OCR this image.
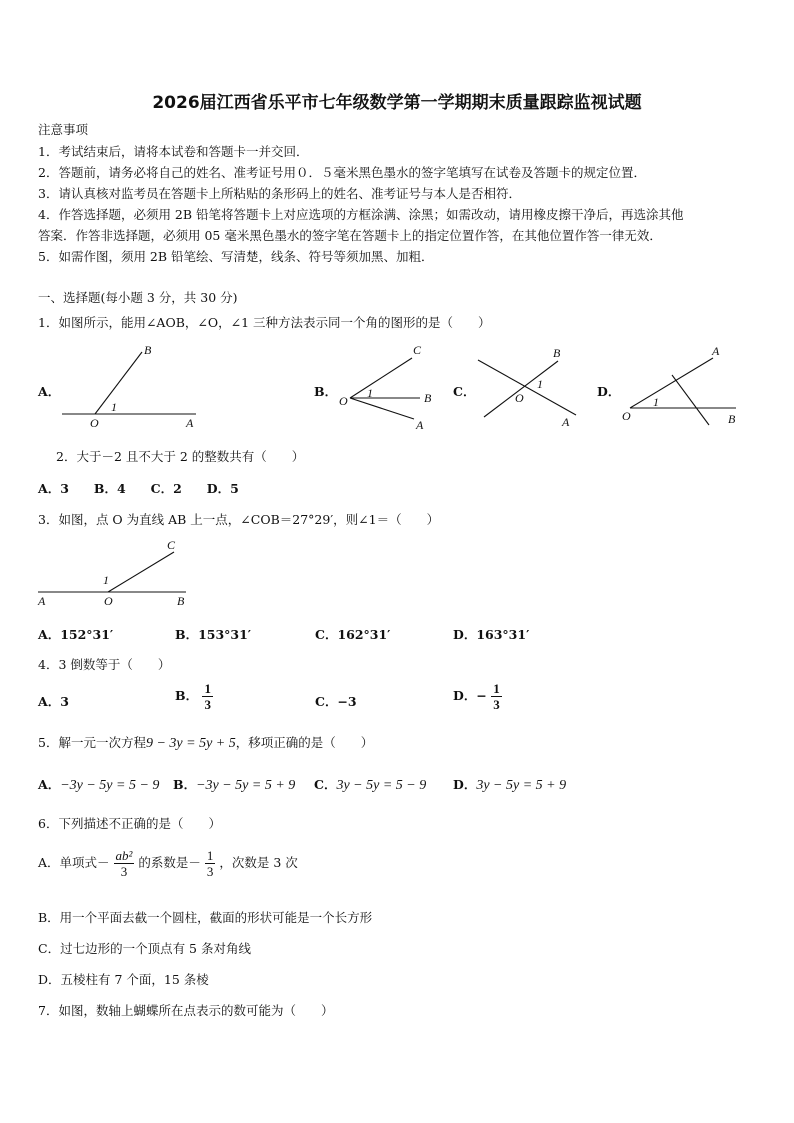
2026届江西省乐平市七年级数学第一学期期末质量跟踪监视试题
注意事项
1．考试结束后，请将本试卷和答题卡一并交回．
2．答题前，请务必将自己的姓名、准考证号用０．５毫米黑色墨水的签字笔填写在试卷及答题卡的规定位置．
3．请认真核对监考员在答题卡上所粘贴的条形码上的姓名、准考证号与本人是否相符．
4．作答选择题，必须用 2B 铅笔将答题卡上对应选项的方框涂满、涂黑；如需改动，请用橡皮擦干净后，再选涂其他
答案．作答非选择题，必须用 05 毫米黑色墨水的签字笔在答题卡上的指定位置作答，在其他位置作答一律无效．
5．如需作图，须用 2B 铅笔绘、写清楚，线条、符号等须加黑、加粗．
一、选择题(每小题 3 分，共 30 分)
1．如图所示，能用∠AOB，∠O，∠1 三种方法表示同一个角的图形的是（　　）
A．	B．	C．	D．
B
O
1
A
C
O
1	B
A
B
O
1
A
A
O
1
B
2．大于－2 且不大于 2 的整数共有（　　）
A．3　　B．4　　C．2　　D．5
3．如图，点 O 为直线 AB 上一点，∠COB＝27°29′，则∠1＝（　　）
C
1
A	O	B
A．152°31′	B．153°31′	C．162°31′	D．163°31′
4．3 倒数等于（　　）
A．3	B． $\frac{1}{3}$	C．−3	D．− $\frac{1}{3}$
5．解一元一次方程9 − 3y = 5y + 5，移项正确的是（　　）
A．−3y − 5y = 5 − 9 B．−3y − 5y = 5 + 9 C．3y − 5y = 5 − 9 D．3y − 5y = 5 + 9
6．下列描述不正确的是（　　）
A．单项式－ $\frac{\text{ab²}}{3}$ 的系数是－ $\frac{1}{3}$ ，次数是 3 次
B．用一个平面去截一个圆柱，截面的形状可能是一个长方形
C．过七边形的一个顶点有 5 条对角线
D．五棱柱有 7 个面，15 条棱
7．如图，数轴上蝴蝶所在点表示的数可能为（　　）
